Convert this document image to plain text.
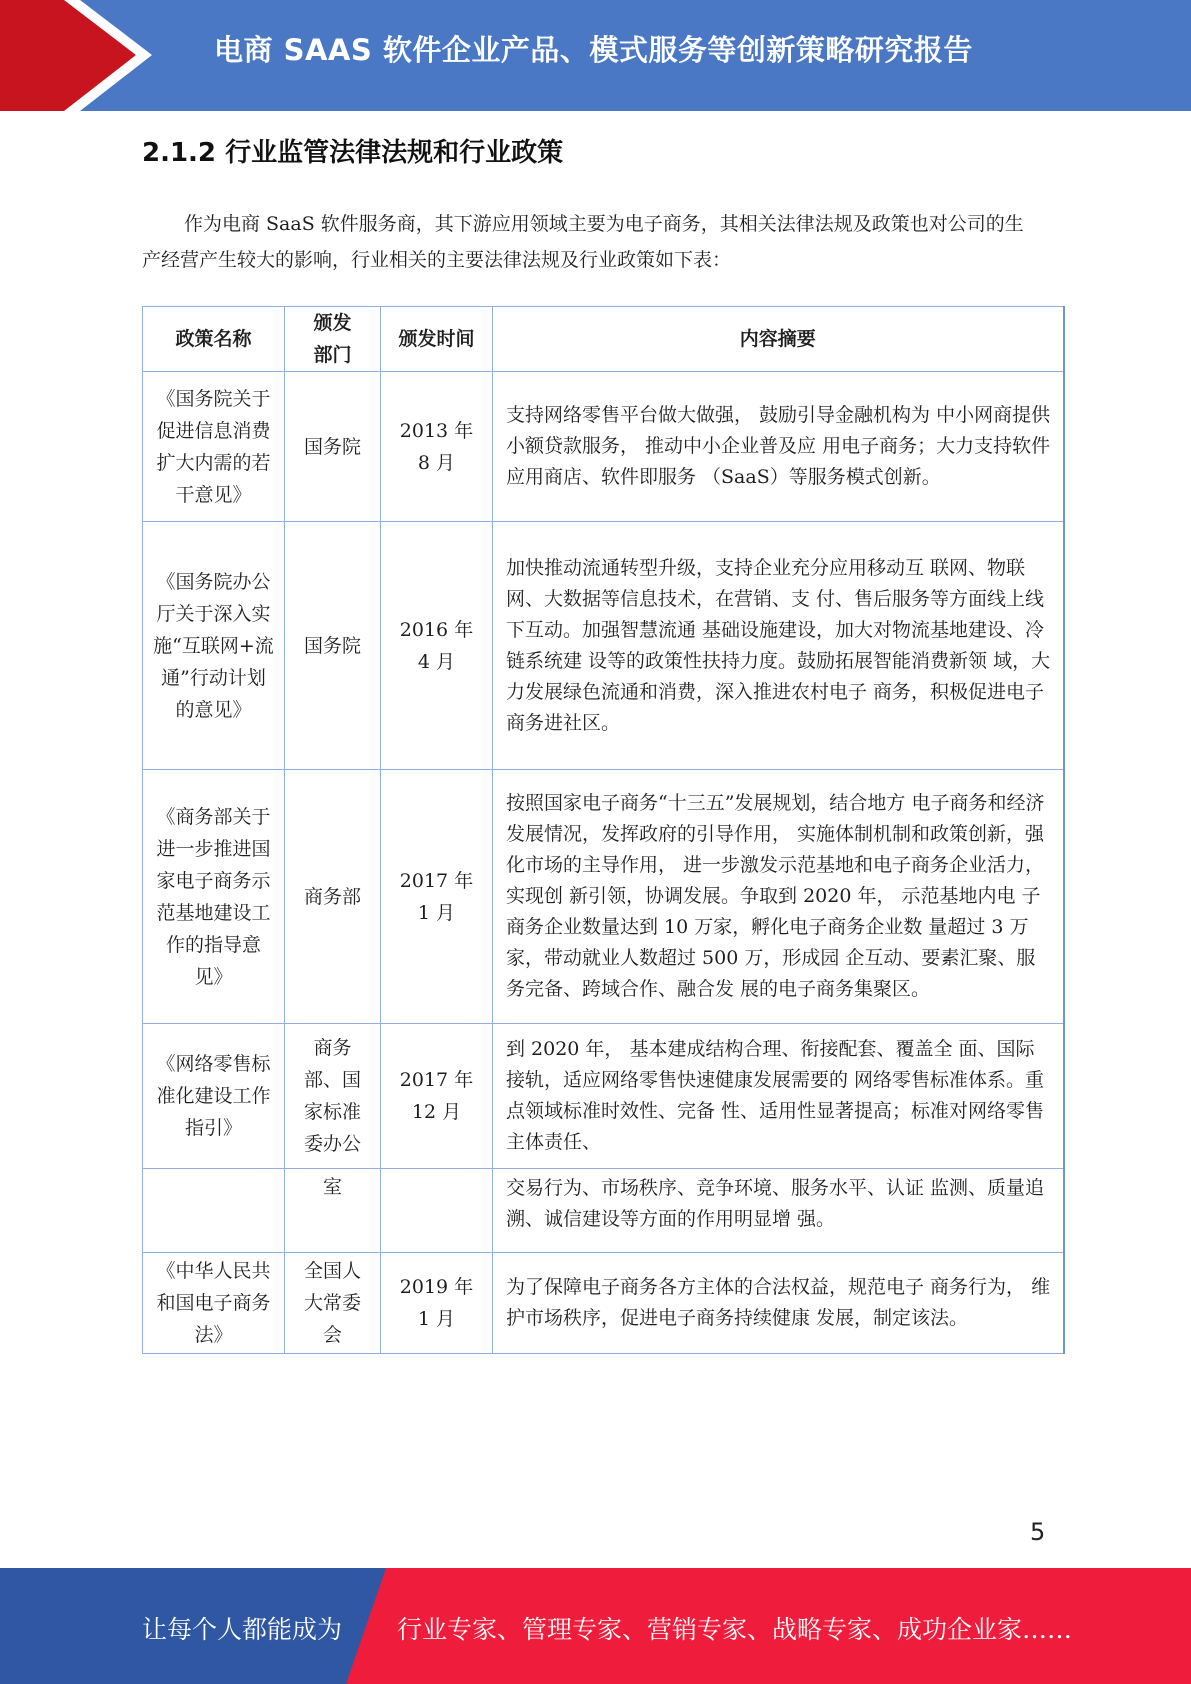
电商 SAAS 软件企业产品、模式服务等创新策略研究报告
2.1.2 行业监管法律法规和行业政策

作为电商 SaaS 软件服务商，其下游应用领域主要为电子商务，其相关法律法规及政策也对公司的生产经营产生较大的影响，行业相关的主要法律法规及行业政策如下表：

政策名称	颁发部门	颁发时间	内容摘要
《国务院关于促进信息消费扩大内需的若干意见》	国务院	2013 年 8 月	支持网络零售平台做大做强， 鼓励引导金融机构为 中小网商提供小额贷款服务， 推动中小企业普及应 用电子商务；大力支持软件应用商店、软件即服务 （SaaS）等服务模式创新。
《国务院办公厅关于深入实施“互联网+流通”行动计划的意见》	国务院	2016 年 4 月	加快推动流通转型升级，支持企业充分应用移动互 联网、物联网、大数据等信息技术，在营销、支 付、售后服务等方面线上线下互动。加强智慧流通 基础设施建设，加大对物流基地建设、冷链系统建 设等的政策性扶持力度。鼓励拓展智能消费新领 域，大力发展绿色流通和消费，深入推进农村电子 商务，积极促进电子商务进社区。
《商务部关于进一步推进国家电子商务示范基地建设工作的指导意见》	商务部	2017 年 1 月	按照国家电子商务“十三五”发展规划，结合地方 电子商务和经济发展情况，发挥政府的引导作用， 实施体制机制和政策创新，强化市场的主导作用， 进一步激发示范基地和电子商务企业活力，实现创 新引领，协调发展。争取到 2020 年， 示范基地内电 子商务企业数量达到 10 万家，孵化电子商务企业数 量超过 3 万家，带动就业人数超过 500 万，形成园 企互动、要素汇聚、服务完备、跨域合作、融合发 展的电子商务集聚区。
《网络零售标准化建设工作指引》	商务部、国家标准委办公	2017 年 12 月	到 2020 年， 基本建成结构合理、衔接配套、覆盖全 面、国际接轨，适应网络零售快速健康发展需要的 网络零售标准体系。重点领域标准时效性、完备 性、适用性显著提高；标准对网络零售主体责任、
	室		交易行为、市场秩序、竞争环境、服务水平、认证 监测、质量追溯、诚信建设等方面的作用明显增 强。
《中华人民共和国电子商务法》	全国人大常委会	2019 年 1 月	为了保障电子商务各方主体的合法权益，规范电子 商务行为， 维护市场秩序，促进电子商务持续健康 发展，制定该法。

5

让每个人都能成为 行业专家、管理专家、营销专家、战略专家、成功企业家……
